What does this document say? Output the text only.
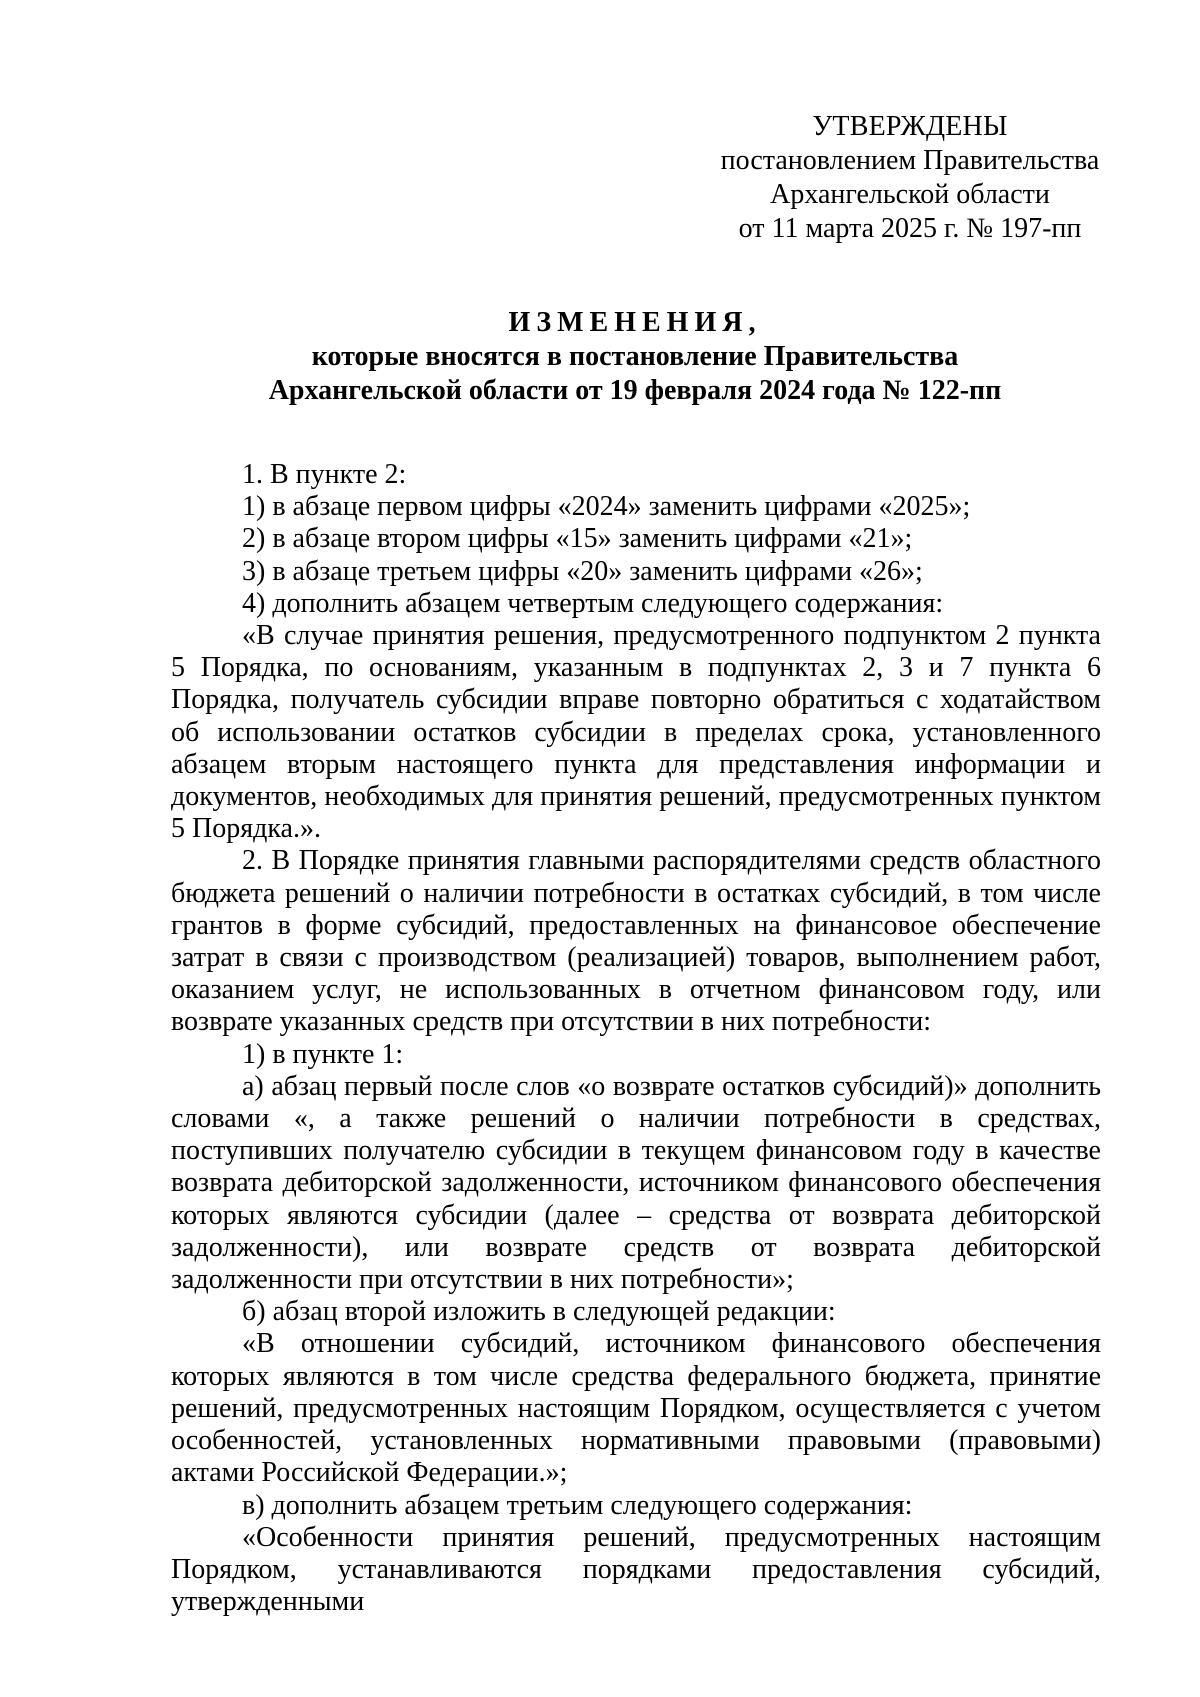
УТВЕРЖДЕНЫ
постановлением Правительства
Архангельской области
от 11 марта 2025 г. № 197-пп
ИЗМЕНЕНИЯ,
которые вносятся в постановление Правительства
Архангельской области от 19 февраля 2024 года № 122-пп

1. В пункте 2:

1) в абзаце первом цифры «2024» заменить цифрами «2025»;

2) в абзаце втором цифры «15» заменить цифрами «21»;

3) в абзаце третьем цифры «20» заменить цифрами «26»;

4) дополнить абзацем четвертым следующего содержания:

«В случае принятия решения, предусмотренного подпунктом 2 пункта 5 Порядка, по основаниям, указанным в подпунктах 2, 3 и 7 пункта 6 Порядка, получатель субсидии вправе повторно обратиться с ходатайством об использовании остатков субсидии в пределах срока, установленного абзацем вторым настоящего пункта для представления информации и документов, необходимых для принятия решений, предусмотренных пунктом 5 Порядка.».

2. В Порядке принятия главными распорядителями средств областного бюджета решений о наличии потребности в остатках субсидий, в том числе грантов в форме субсидий, предоставленных на финансовое обеспечение затрат в связи с производством (реализацией) товаров, выполнением работ, оказанием услуг, не использованных в отчетном финансовом году, или возврате указанных средств при отсутствии в них потребности:

1) в пункте 1:

а) абзац первый после слов «о возврате остатков субсидий)» дополнить словами «, а также решений о наличии потребности в средствах, поступивших получателю субсидии в текущем финансовом году в качестве возврата дебиторской задолженности, источником финансового обеспечения которых являются субсидии (далее – средства от возврата дебиторской задолженности), или возврате средств от возврата дебиторской задолженности при отсутствии в них потребности»;

б) абзац второй изложить в следующей редакции:

«В отношении субсидий, источником финансового обеспечения которых являются в том числе средства федерального бюджета, принятие решений, предусмотренных настоящим Порядком, осуществляется с учетом особенностей, установленных нормативными правовыми (правовыми) актами Российской Федерации.»;

в) дополнить абзацем третьим следующего содержания:

«Особенности принятия решений, предусмотренных настоящим Порядком, устанавливаются порядками предоставления субсидий, утвержденными
